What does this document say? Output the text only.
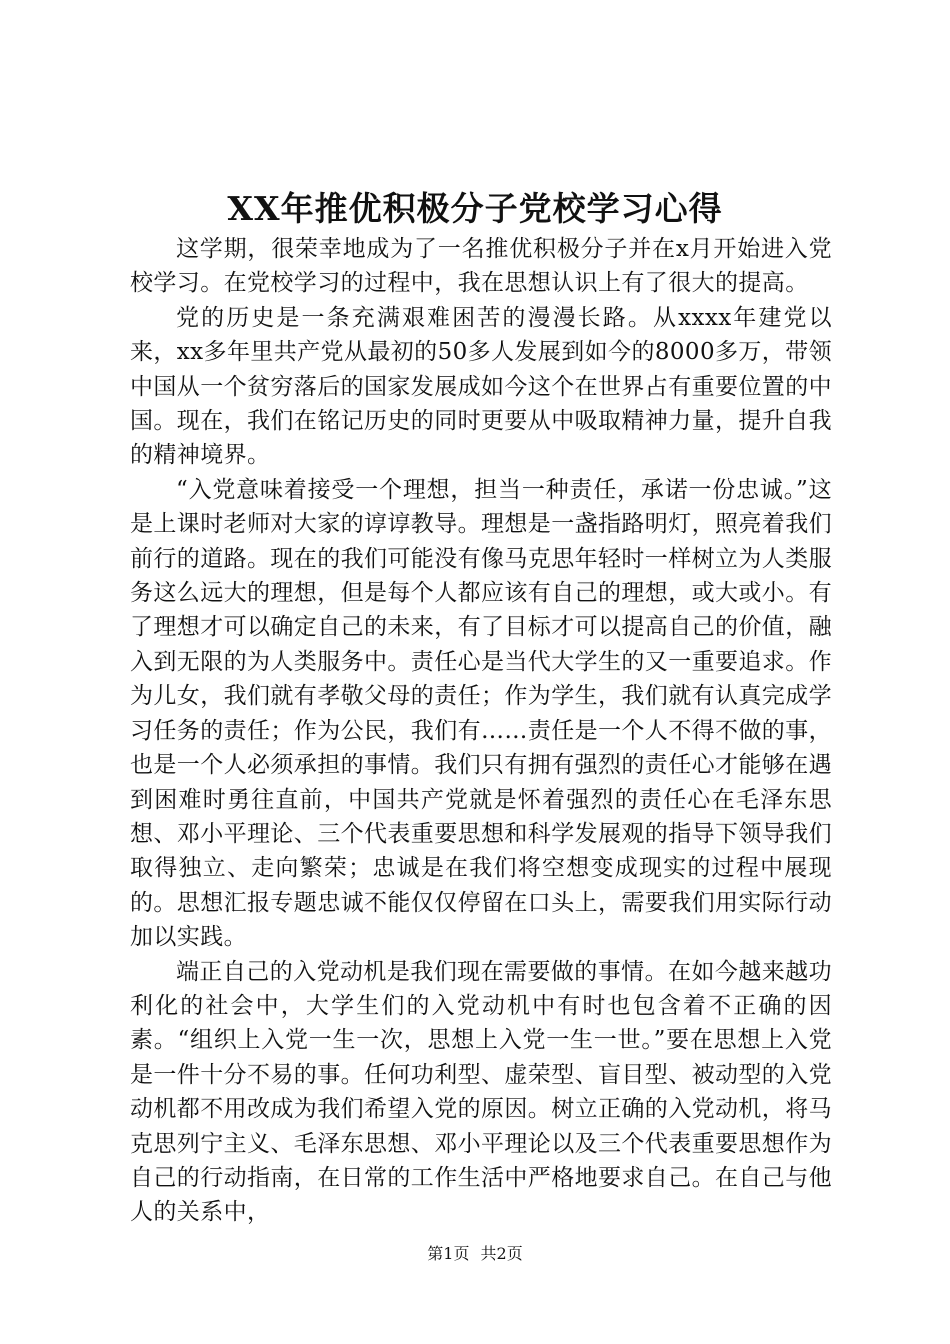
XX年推优积极分子党校学习心得

这学期，很荣幸地成为了一名推优积极分子并在x月开始进入党校学习。在党校学习的过程中，我在思想认识上有了很大的提高。

党的历史是一条充满艰难困苦的漫漫长路。从xxxx年建党以来，xx多年里共产党从最初的50多人发展到如今的8000多万，带领中国从一个贫穷落后的国家发展成如今这个在世界占有重要位置的中国。现在，我们在铭记历史的同时更要从中吸取精神力量，提升自我的精神境界。

“入党意味着接受一个理想，担当一种责任，承诺一份忠诚。”这是上课时老师对大家的谆谆教导。理想是一盏指路明灯，照亮着我们前行的道路。现在的我们可能没有像马克思年轻时一样树立为人类服务这么远大的理想，但是每个人都应该有自己的理想，或大或小。有了理想才可以确定自己的未来，有了目标才可以提高自己的价值，融入到无限的为人类服务中。责任心是当代大学生的又一重要追求。作为儿女，我们就有孝敬父母的责任；作为学生，我们就有认真完成学习任务的责任；作为公民，我们有……责任是一个人不得不做的事，也是一个人必须承担的事情。我们只有拥有强烈的责任心才能够在遇到困难时勇往直前，中国共产党就是怀着强烈的责任心在毛泽东思想、邓小平理论、三个代表重要思想和科学发展观的指导下领导我们取得独立、走向繁荣；忠诚是在我们将空想变成现实的过程中展现的。思想汇报专题忠诚不能仅仅停留在口头上，需要我们用实际行动加以实践。

端正自己的入党动机是我们现在需要做的事情。在如今越来越功利化的社会中，大学生们的入党动机中有时也包含着不正确的因素。“组织上入党一生一次，思想上入党一生一世。”要在思想上入党是一件十分不易的事。任何功利型、虚荣型、盲目型、被动型的入党动机都不用改成为我们希望入党的原因。树立正确的入党动机，将马克思列宁主义、毛泽东思想、邓小平理论以及三个代表重要思想作为自己的行动指南，在日常的工作生活中严格地要求自己。在自己与他人的关系中，

第1页 共2页
